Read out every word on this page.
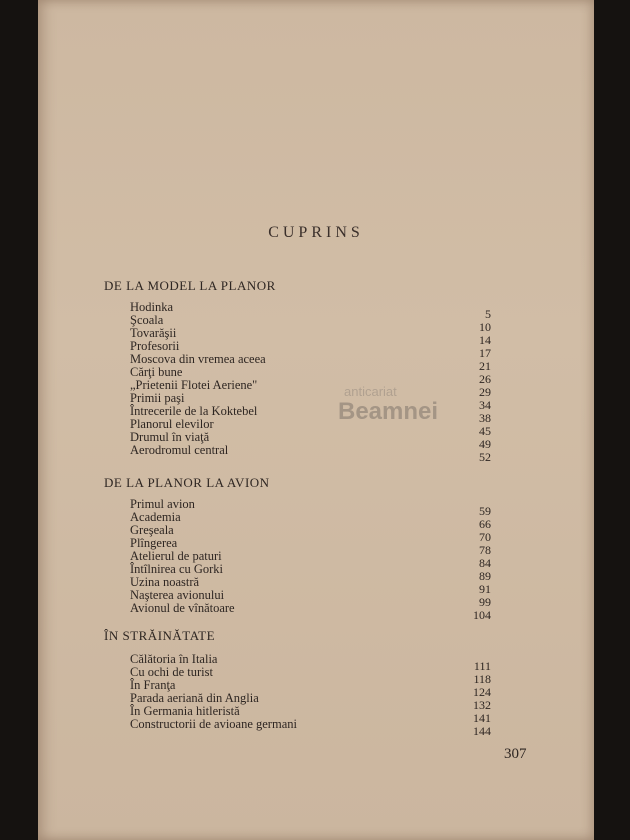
CUPRINS
anticariat
Beamnei
DE LA MODEL LA PLANOR
Hodinka	5
Şcoala	10
Tovarăşii	14
Profesorii	17
Moscova din vremea aceea	21
Cărţi bune	26
„Prietenii Flotei Aeriene"	29
Primii paşi	34
Întrecerile de la Koktebel	38
Planorul elevilor	45
Drumul în viaţă	49
Aerodromul central	52
DE LA PLANOR LA AVION
Primul avion	59
Academia	66
Greşeala	70
Plîngerea	78
Atelierul de paturi	84
Întîlnirea cu Gorki	89
Uzina noastră	91
Naşterea avionului	99
Avionul de vînătoare	104
ÎN STRĂINĂTATE
Călătoria în Italia	111
Cu ochi de turist	118
În Franţa	124
Parada aeriană din Anglia	132
În Germania hitleristă	141
Constructorii de avioane germani	144
307
